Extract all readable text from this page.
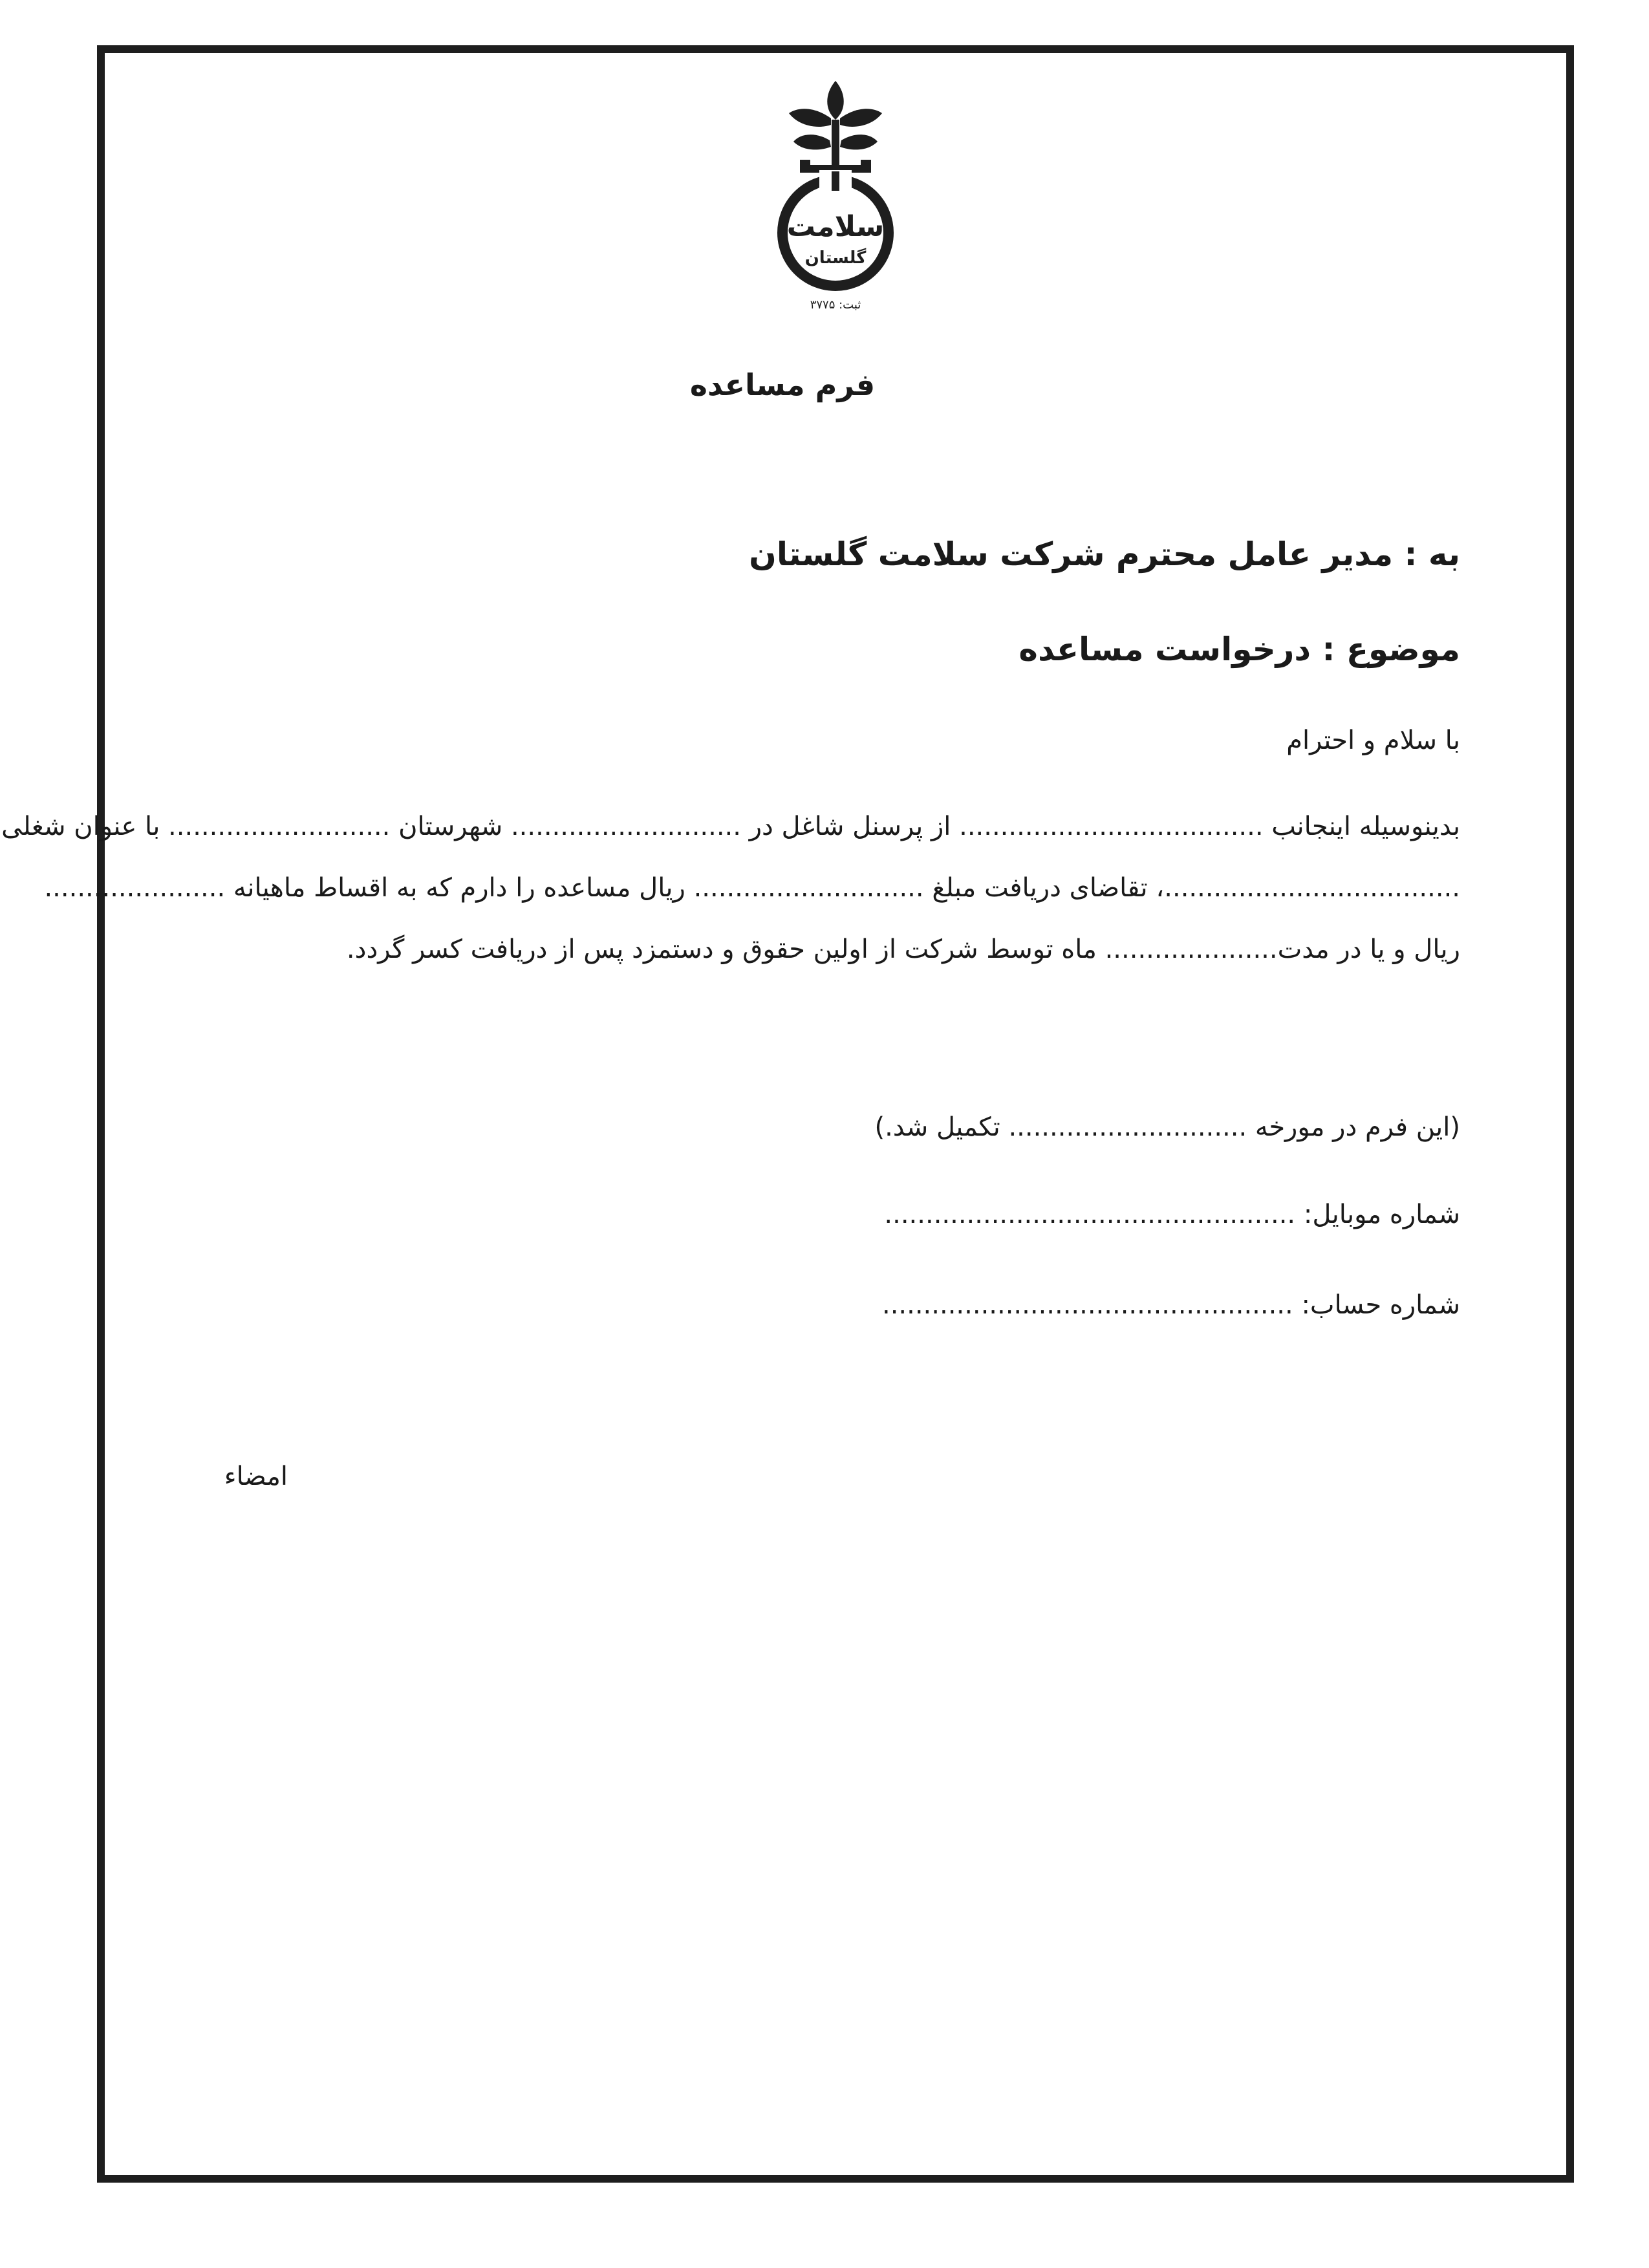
سلامت
گلستان
ثبت: ۳۷۷۵
فرم مساعده
به : مدیر عامل محترم شرکت سلامت گلستان
موضوع : درخواست مساعده
با سلام و احترام
بدینوسیله اینجانب ..................................... از پرسنل شاغل در ............................ شهرستان ........................... با عنوان شغلی
....................................، تقاضای دریافت مبلغ ............................ ریال مساعده را دارم که به اقساط ماهیانه ......................
ریال و یا در مدت..................... ماه توسط شرکت از اولین حقوق و دستمزد پس از دریافت کسر گردد.
(این فرم در مورخه ............................. تکمیل شد.)
شماره موبایل: ..................................................
شماره حساب: ..................................................
امضاء
